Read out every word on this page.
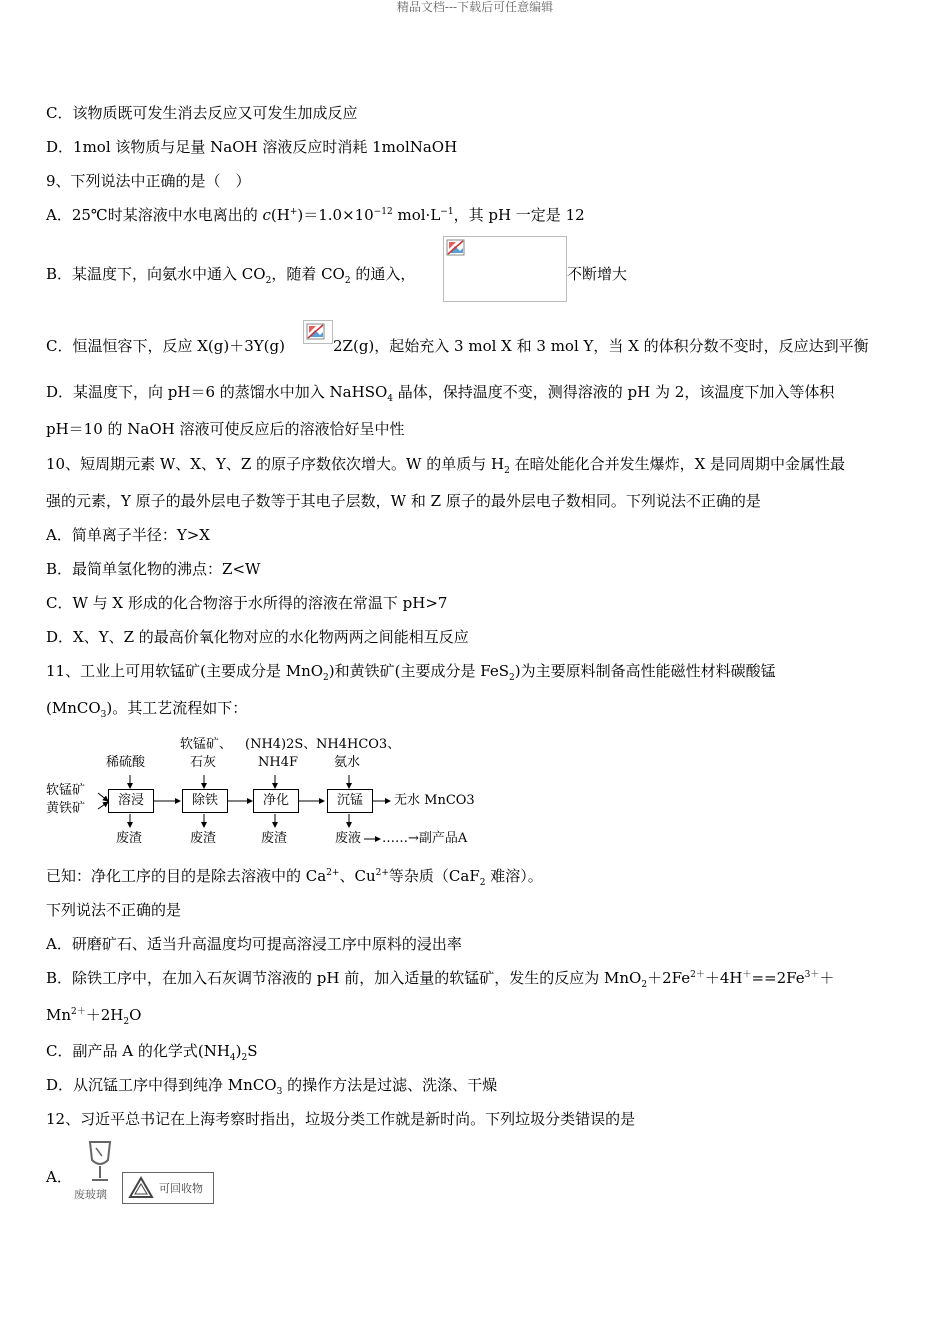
精品文档---下载后可任意编辑
C．该物质既可发生消去反应又可发生加成反应
D．1mol 该物质与足量 NaOH 溶液反应时消耗 1molNaOH
9、下列说法中正确的是（　）
A．25℃时某溶液中水电离出的 $c(H^+)=1.0\times 10^{-12}$ $mol\cdot L^{-1}$，其 pH 一定是 12
B．某温度下，向氨水中通入 $CO_2$，随着 $CO_2$ 的通入，	不断增大
C．恒温恒容下，反应 X(g)＋3Y(g)	2Z(g)，起始充入 3 mol X 和 3 mol Y，当 X 的体积分数不变时，反应达到平衡
D．某温度下，向 pH＝6 的蒸馏水中加入 NaHSO$_4$ 晶体，保持温度不变，测得溶液的 pH 为 2，该温度下加入等体积
pH＝10 的 NaOH 溶液可使反应后的溶液恰好呈中性
10、短周期元素 W、X、Y、Z 的原子序数依次增大。W 的单质与 $H_2$ 在暗处能化合并发生爆炸，X 是同周期中金属性最
强的元素，Y 原子的最外层电子数等于其电子层数，W 和 Z 原子的最外层电子数相同。下列说法不正确的是
A．简单离子半径：Y>X
B．最简单氢化物的沸点：Z<W
C．W 与 X 形成的化合物溶于水所得的溶液在常温下 pH>7
D．X、Y、Z 的最高价氧化物对应的水化物两两之间能相互反应
11、工业上可用软锰矿(主要成分是 MnO$_2$)和黄铁矿(主要成分是 FeS$_2$)为主要原料制备高性能磁性材料碳酸锰
(MnCO$_3$)。其工艺流程如下：
稀硫酸
软锰矿、
石灰
(NH4)2S、
NH4F
NH4HCO3、
氨水
软锰矿
黄铁矿
溶浸	除铁	净化	沉锰	无水 MnCO3
废渣	废渣	废渣	废液 ……→副产品A
已知：净化工序的目的是除去溶液中的 $Ca^{2+}$、$Cu^{2+}$等杂质（CaF$_2$ 难溶）。
下列说法不正确的是
A．研磨矿石、适当升高温度均可提高溶浸工序中原料的浸出率
B．除铁工序中，在加入石灰调节溶液的 pH 前，加入适量的软锰矿，发生的反应为 $MnO_2+2Fe^{2+}+4H^+==2Fe^{3+}+$
$Mn^{2+}+2H_2O$
C．副产品 A 的化学式$(NH_4)_2S$
D．从沉锰工序中得到纯净 MnCO$_3$ 的操作方法是过滤、洗涤、干燥
12、习近平总书记在上海考察时指出，垃圾分类工作就是新时尚。下列垃圾分类错误的是
A．
废玻璃	可回收物
